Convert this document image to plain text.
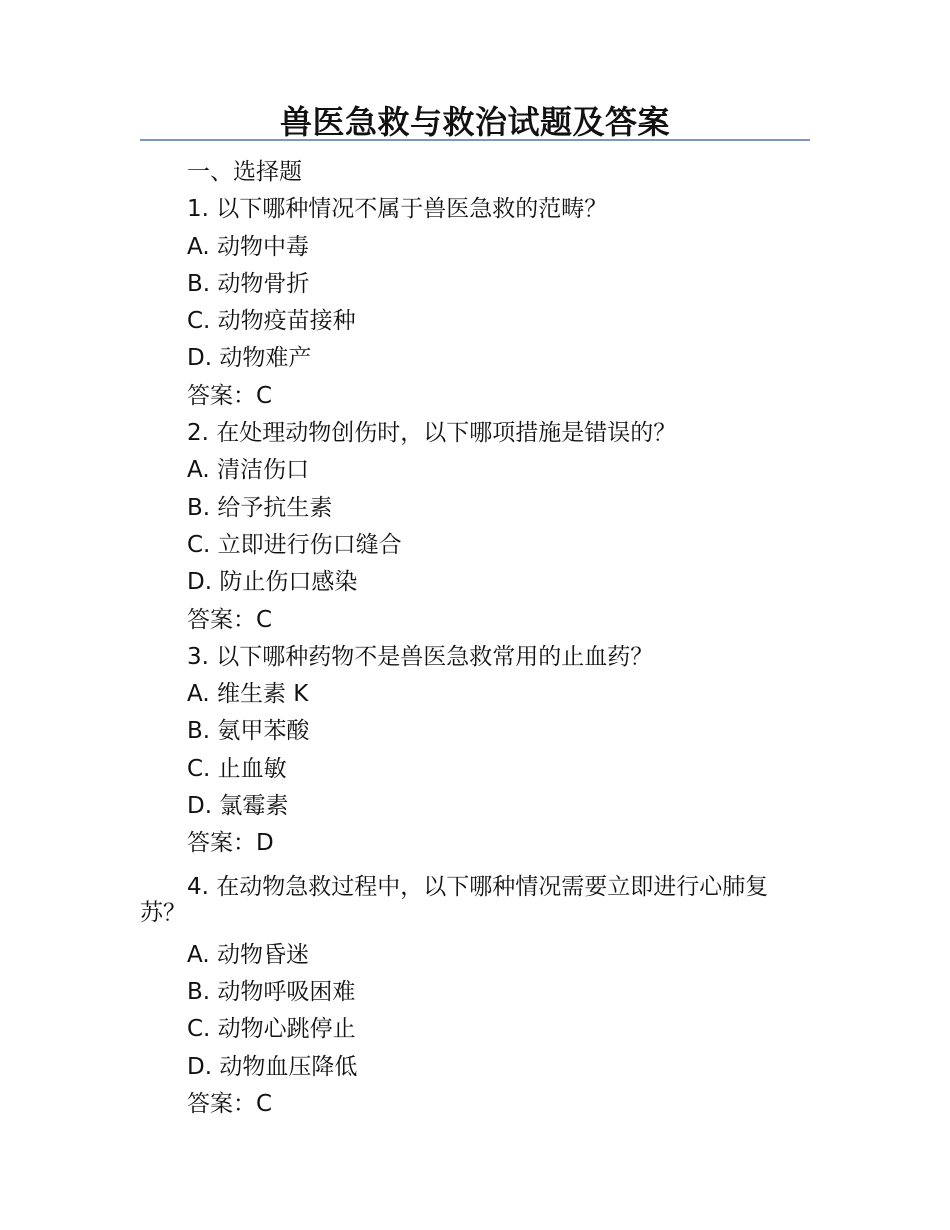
兽医急救与救治试题及答案
一、选择题
1. 以下哪种情况不属于兽医急救的范畴？
A. 动物中毒
B. 动物骨折
C. 动物疫苗接种
D. 动物难产
答案：C
2. 在处理动物创伤时，以下哪项措施是错误的？
A. 清洁伤口
B. 给予抗生素
C. 立即进行伤口缝合
D. 防止伤口感染
答案：C
3. 以下哪种药物不是兽医急救常用的止血药？
A. 维生素 K
B. 氨甲苯酸
C. 止血敏
D. 氯霉素
答案：D
4. 在动物急救过程中，以下哪种情况需要立即进行心肺复苏？
A. 动物昏迷
B. 动物呼吸困难
C. 动物心跳停止
D. 动物血压降低
答案：C
